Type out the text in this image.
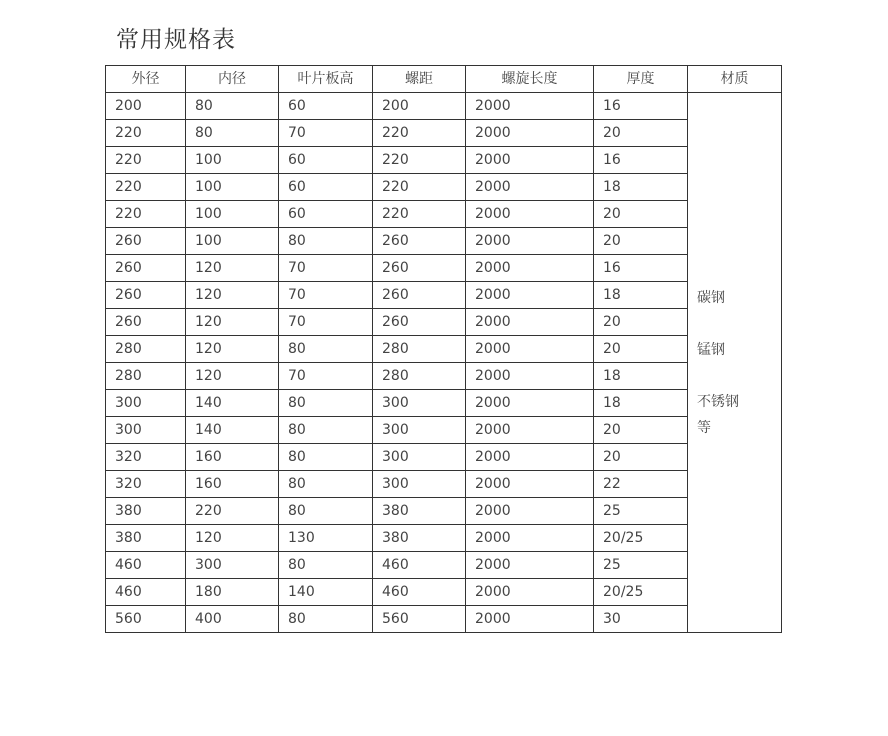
常用规格表
外径	内径	叶片板高	螺距	螺旋长度	厚度	材质
200	80	60	200	2000	16	碳钢
锰钢
不锈钢
等

220	80	70	220	2000	20	
220	100	60	220	2000	16	
220	100	60	220	2000	18	
220	100	60	220	2000	20	
260	100	80	260	2000	20	
260	120	70	260	2000	16	
260	120	70	260	2000	18	
260	120	70	260	2000	20	
280	120	80	280	2000	20	
280	120	70	280	2000	18	
300	140	80	300	2000	18	
300	140	80	300	2000	20	
320	160	80	300	2000	20	
320	160	80	300	2000	22	
380	220	80	380	2000	25	
380	120	130	380	2000	20/25	
460	300	80	460	2000	25	
460	180	140	460	2000	20/25	
560	400	80	560	2000	30	
